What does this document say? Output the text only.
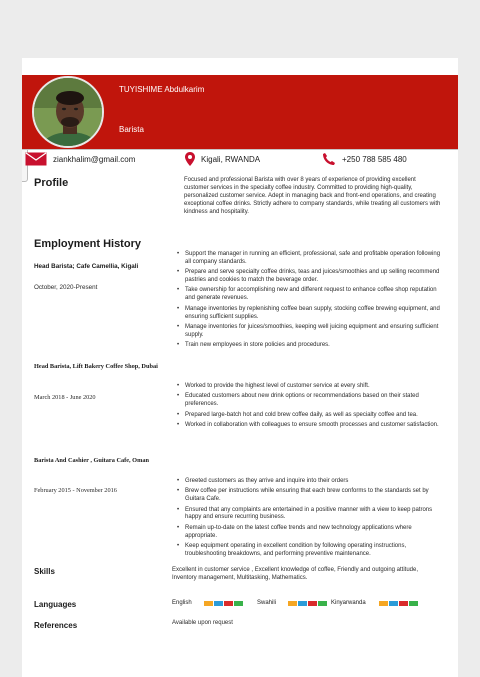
TUYISHIME Abdulkarim
Barista
ziankhalim@gmail.com	Kigali, RWANDA	+250 788 585 480
Profile	Focused and professional Barista with over 8 years of experience of providing excellent customer services in the specialty coffee industry. Committed to providing high-quality, personalized customer service. Adept in managing back and front-end operations, and creating exceptional coffee drinks. Strictly adhere to company standards, while treating all customers with kindness and hospitality.
Employment History
Head Barista; Cafe Camellia, Kigali
October, 2020-Present
• Support the manager in running an efficient, professional, safe and profitable operation following all company standards.
• Prepare and serve specialty coffee drinks, teas and juices/smoothies and up selling recommend pastries and cookies to match the beverage order.
• Take ownership for accomplishing new and different request to enhance coffee shop reputation and generate revenues.
• Manage inventories by replenishing coffee bean supply, stocking coffee brewing equipment, and ensuring sufficient supplies.
• Manage inventories for juices/smoothies, keeping well juicing equipment and ensuring sufficient supply.
• Train new employees in store policies and procedures.
Head Barista, Lift Bakery Coffee Shop, Dubai
March 2018 - June 2020
• Worked to provide the highest level of customer service at every shift.
• Educated customers about new drink options or recommendations based on their stated preferences.
• Prepared large-batch hot and cold brew coffee daily, as well as specialty coffee and tea.
• Worked in collaboration with colleagues to ensure smooth processes and customer satisfaction.
Barista And Cashier , Guitara Cafe, Oman
February 2015 - November 2016
• Greeted customers as they arrive and inquire into their orders
• Brew coffee per instructions while ensuring that each brew conforms to the standards set by Guitara Cafe.
• Ensured that any complaints are entertained in a positive manner with a view to keep patrons happy and ensure recurring business.
• Remain up-to-date on the latest coffee trends and new technology applications where appropriate.
• Keep equipment operating in excellent condition by following operating instructions, troubleshooting breakdowns, and performing preventive maintenance.
Skills	Excellent in customer service , Excellent knowledge of coffee, Friendly and outgoing attitude, Inventory management, Multitasking, Mathematics.
Languages	English	Swahili	Kinyarwanda
References	Available upon request
